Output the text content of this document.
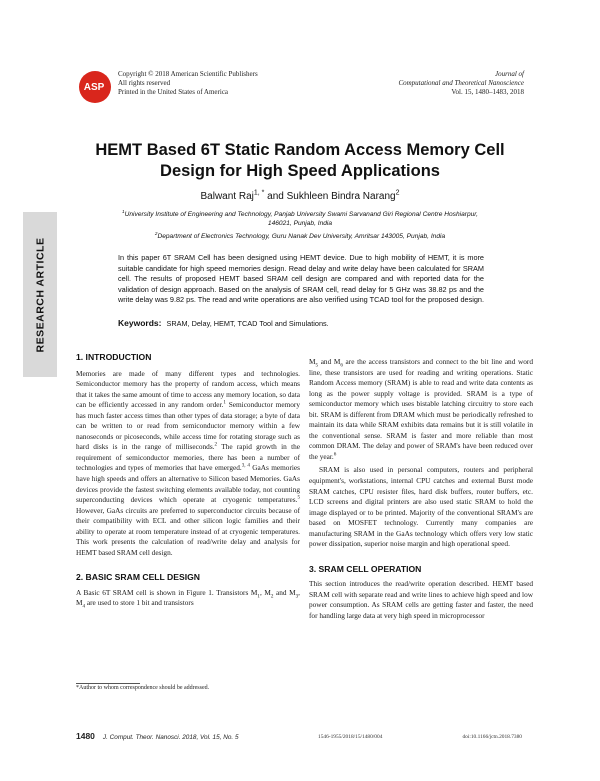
ASP
Copyright © 2018 American Scientific Publishers
All rights reserved
Printed in the United States of America
Journal of
Computational and Theoretical Nanoscience
Vol. 15, 1480–1483, 2018
RESEARCH ARTICLE
HEMT Based 6T Static Random Access Memory Cell
Design for High Speed Applications
Balwant Raj$^{1, *}$ and Sukhleen Bindra Narang$^2$
$^1$University Institute of Engineering and Technology, Panjab University Swami Sarvanand Giri Regional Centre Hoshiarpur,
146021, Punjab, India
$^2$Department of Electronics Technology, Guru Nanak Dev University, Amritsar 143005, Punjab, India
In this paper 6T SRAM Cell has been designed using HEMT device. Due to high mobility of HEMT, it is more suitable candidate for high speed memories design. Read delay and write delay have been calculated for SRAM cell. The results of proposed HEMT based SRAM cell design are compared and with reported data for the validation of design approach. Based on the analysis of SRAM cell, read delay for 5 GHz was 38.82 ps and the write delay was 9.82 ps. The read and write operations are also verified using TCAD tool for the proposed design.
Keywords: SRAM, Delay, HEMT, TCAD Tool and Simulations.
1. INTRODUCTION

Memories are made of many different types and technologies. Semiconductor memory has the property of random access, which means that it takes the same amount of time to access any memory location, so data can be efficiently accessed in any random order.$^1$ Semiconductor memory has much faster access times than other types of data storage; a byte of data can be written to or read from semiconductor memory within a few nanoseconds or picoseconds, while access time for rotating storage such as hard disks is in the range of milliseconds.$^2$ The rapid growth in the requirement of semiconductor memories, there has been a number of technologies and types of memories that have emerged.$^{3, 4}$ GaAs memories have high speeds and offers an alternative to Silicon based Memories. GaAs devices provide the fastest switching elements available today, not counting superconducting devices which operate at cryogenic temperatures.$^5$ However, GaAs circuits are preferred to superconductor circuits because of their compatibility with ECL and other silicon logic families and their ability to operate at room temperature instead of at cryogenic temperatures. This work presents the calculation of read/write delay and analysis for HEMT based SRAM cell design.

2. BASIC SRAM CELL DESIGN

A Basic 6T SRAM cell is shown in Figure 1. Transistors $M_1$, $M_2$ and $M_3$, $M_4$ are used to store 1 bit and transistors

$M_5$ and $M_6$ are the access transistors and connect to the bit line and word line, these transistors are used for reading and writing operations. Static Random Access memory (SRAM) is able to read and write data contents as long as the power supply voltage is provided. SRAM is a type of semiconductor memory which uses bistable latching circuitry to store each bit. SRAM is different from DRAM which must be periodically refreshed to maintain its data while SRAM exhibits data remains but it is still volatile in the conventional sense. SRAM is faster and more reliable than most common DRAM. The delay and power of SRAM's have been reduced over the year.$^6$

SRAM is also used in personal computers, routers and peripheral equipment's, workstations, internal CPU catches and external Burst mode SRAM catches, CPU resister files, hard disk buffers, router buffers, etc. LCD screens and digital printers are also used static SRAM to hold the image displayed or to be printed. Majority of the conventional SRAM's are based on MOSFET technology. Currently many companies are manufacturing SRAM in the GaAs technology which offers very low static power dissipation, superior noise margin and high operational speed.

3. SRAM CELL OPERATION

This section introduces the read/write operation described. HEMT based SRAM cell with separate read and write lines to achieve high speed and low power consumption. As SRAM cells are getting faster and faster, the need for handling large data at very high speed in microprocessor

*Author to whom correspondence should be addressed.
1480 J. Comput. Theor. Nanosci. 2018, Vol. 15, No. 5	1546-1955/2018/15/1480/004	doi:10.1166/jctn.2018.7380
